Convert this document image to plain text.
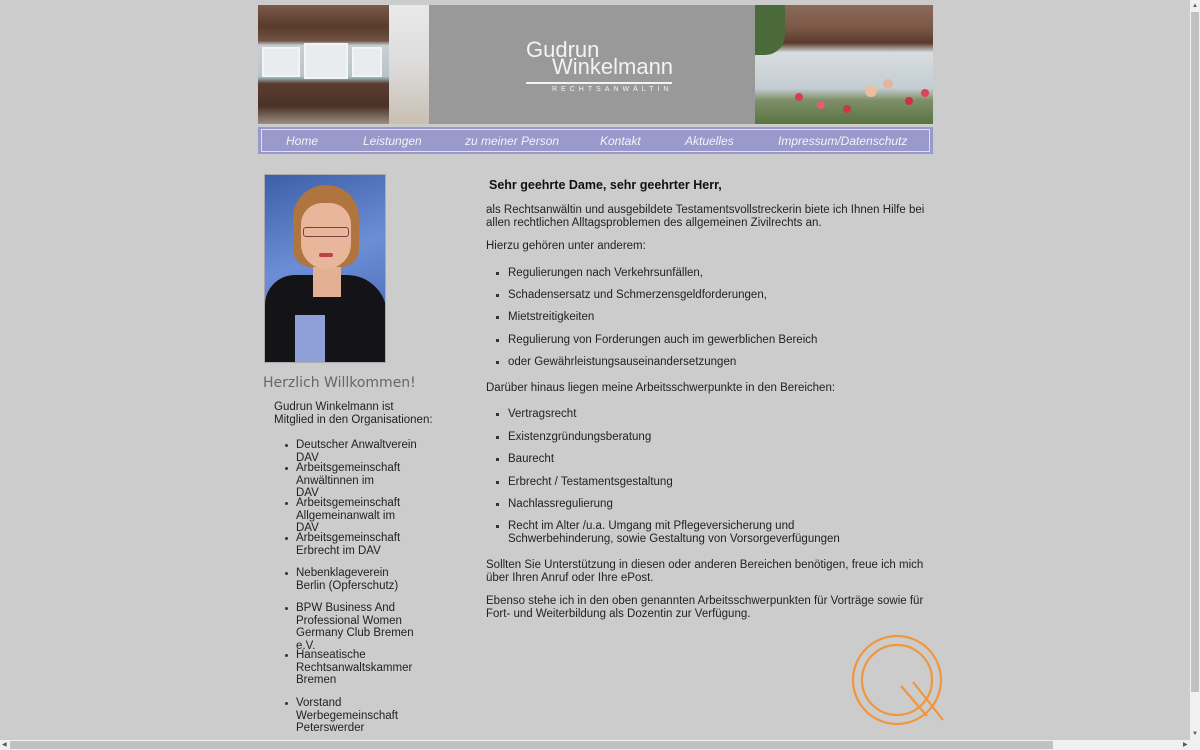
Gudrun
Winkelmann
RECHTSANWÄLTIN
Home	Leistungen	zu meiner Person	Kontakt	Aktuelles	Impressum/Datenschutz
Herzlich Willkommen!
Gudrun Winkelmann ist Mitglied in den Organisationen:
Deutscher Anwaltverein DAV
Arbeitsgemeinschaft Anwältinnen im DAV
Arbeitsgemeinschaft Allgemeinanwalt im DAV
Arbeitsgemeinschaft Erbrecht im DAV
Nebenklageverein Berlin (Opferschutz)
BPW Business And Professional Women Germany Club Bremen e.V.
Hanseatische Rechtsanwaltskammer Bremen
Vorstand Werbegemeinschaft Peterswerder
Sehr geehrte Dame, sehr geehrter Herr,
als Rechtsanwältin und ausgebildete Testamentsvollstreckerin biete ich Ihnen Hilfe bei allen rechtlichen Alltagsproblemen des allgemeinen Zivilrechts an.
Hierzu gehören unter anderem:
Regulierungen nach Verkehrsunfällen,
Schadensersatz und Schmerzensgeldforderungen,
Mietstreitigkeiten
Regulierung von Forderungen auch im gewerblichen Bereich
oder Gewährleistungsauseinandersetzungen
Darüber hinaus liegen meine Arbeitsschwerpunkte in den Bereichen:
Vertragsrecht
Existenzgründungsberatung
Baurecht
Erbrecht / Testamentsgestaltung
Nachlassregulierung
Recht im Alter /u.a. Umgang mit Pflegeversicherung und Schwerbehinderung, sowie Gestaltung von Vorsorgeverfügungen
Sollten Sie Unterstützung in diesen oder anderen Bereichen benötigen, freue ich mich über Ihren Anruf oder Ihre ePost.
Ebenso stehe ich in den oben genannten Arbeitsschwerpunkten für Vorträge sowie für Fort- und Weiterbildung als Dozentin zur Verfügung.
▲
▼
◀	▶
